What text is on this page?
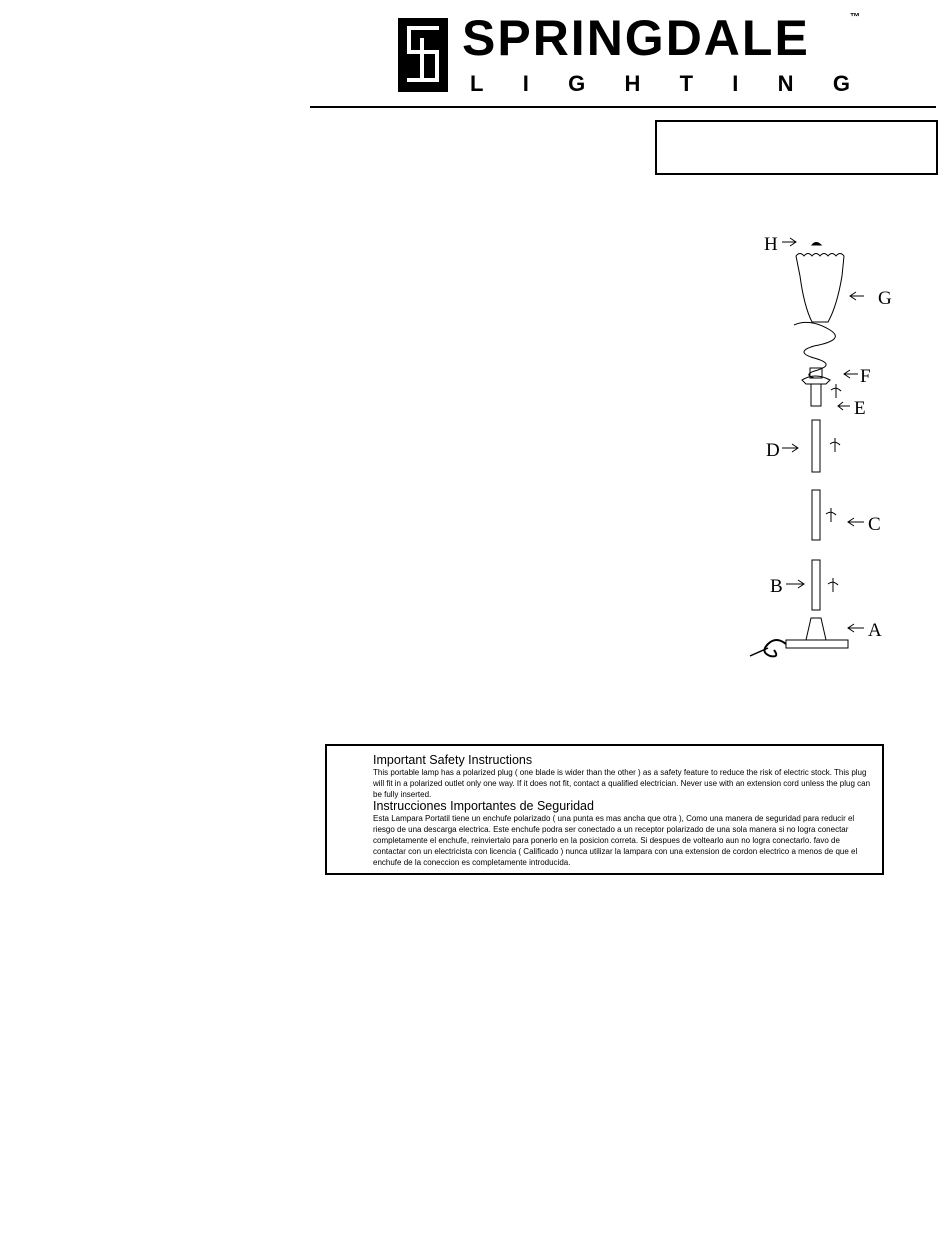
SPRINGDALE	™
L I G H T I N G
H
G
F
E
D
C
B
A

Important Safety Instructions

This portable lamp has a polarized plug ( one blade is wider than the other ) as a safety feature to reduce the risk of electric stock. This plug will fit in a polarized outlet only one way. If it does not fit, contact a qualified electrician. Never use with an extension cord unless the plug can be fully inserted.

Instrucciones Importantes de Seguridad

Esta Lampara Portatil tiene un enchufe polarizado ( una punta es mas ancha que otra ), Como una manera de seguridad para reducir el riesgo de una descarga electrica. Este enchufe podra ser conectado a un receptor polarizado de una sola manera si no logra conectar completamente el enchufe, reinviertalo para ponerlo en la posicion correta. Si despues de voltearlo aun no logra conectarlo. favo de contactar con un electricista con licencia ( Calificado ) nunca utilizar la lampara con una extension de cordon electrico a menos de que el enchufe de la coneccion es completamente introducida.
